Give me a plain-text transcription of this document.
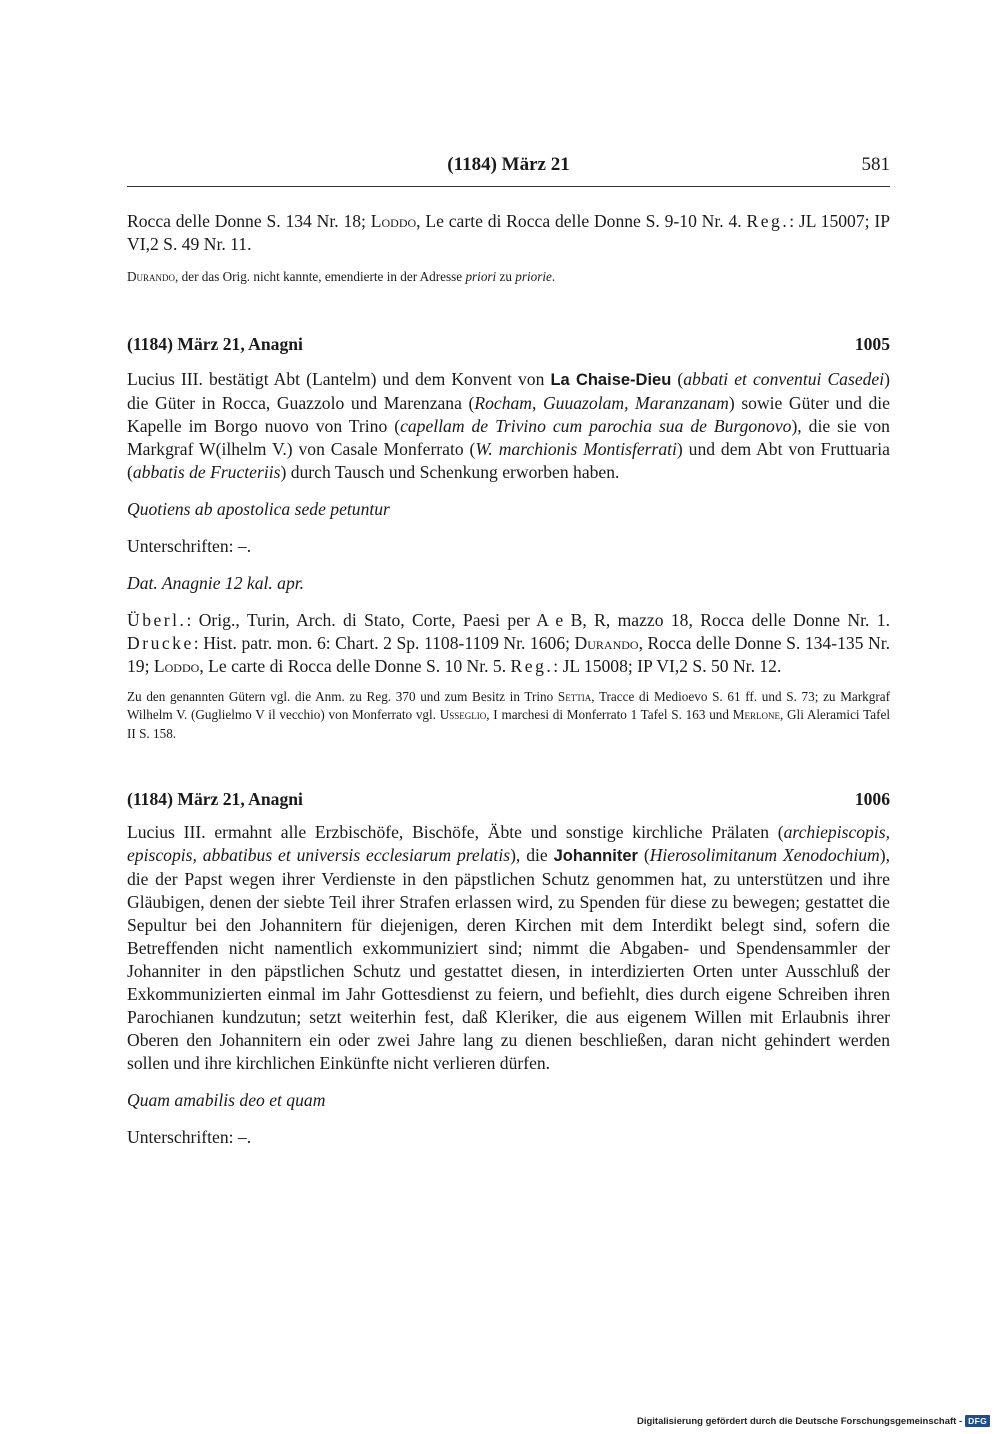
(1184) März 21	581

Rocca delle Donne S. 134 Nr. 18; Loddo, Le carte di Rocca delle Donne S. 9-10 Nr. 4. Reg.: JL 15007; IP VI,2 S. 49 Nr. 11.

Durando, der das Orig. nicht kannte, emendierte in der Adresse priori zu priorie.

(1184) März 21, Anagni	1005

Lucius III. bestätigt Abt (Lantelm) und dem Konvent von La Chaise-Dieu (abbati et conventui Casedei) die Güter in Rocca, Guazzolo und Marenzana (Rocham, Guuazolam, Maranzanam) sowie Güter und die Kapelle im Borgo nuovo von Trino (capellam de Trivino cum parochia sua de Burgonovo), die sie von Markgraf W(ilhelm V.) von Casale Monferrato (W. marchionis Montisferrati) und dem Abt von Fruttuaria (abbatis de Fructeriis) durch Tausch und Schenkung erworben haben.

Quotiens ab apostolica sede petuntur

Unterschriften: –.

Dat. Anagnie 12 kal. apr.

Überl.: Orig., Turin, Arch. di Stato, Corte, Paesi per A e B, R, mazzo 18, Rocca delle Donne Nr. 1. Drucke: Hist. patr. mon. 6: Chart. 2 Sp. 1108-1109 Nr. 1606; Durando, Rocca delle Donne S. 134-135 Nr. 19; Loddo, Le carte di Rocca delle Donne S. 10 Nr. 5. Reg.: JL 15008; IP VI,2 S. 50 Nr. 12.

Zu den genannten Gütern vgl. die Anm. zu Reg. 370 und zum Besitz in Trino Settia, Tracce di Medioevo S. 61 ff. und S. 73; zu Markgraf Wilhelm V. (Guglielmo V il vecchio) von Monferrato vgl. Usseglio, I marchesi di Monferrato 1 Tafel S. 163 und Merlone, Gli Aleramici Tafel II S. 158.

(1184) März 21, Anagni	1006

Lucius III. ermahnt alle Erzbischöfe, Bischöfe, Äbte und sonstige kirchliche Prälaten (archiepiscopis, episcopis, abbatibus et universis ecclesiarum prelatis), die Johanniter (Hierosolimitanum Xenodochium), die der Papst wegen ihrer Verdienste in den päpstlichen Schutz genommen hat, zu unterstützen und ihre Gläubigen, denen der siebte Teil ihrer Strafen erlassen wird, zu Spenden für diese zu bewegen; gestattet die Sepultur bei den Johannitern für diejenigen, deren Kirchen mit dem Interdikt belegt sind, sofern die Betreffenden nicht namentlich exkommuniziert sind; nimmt die Abgaben- und Spendensammler der Johanniter in den päpstlichen Schutz und gestattet diesen, in interdizierten Orten unter Ausschluß der Exkommunizierten einmal im Jahr Gottesdienst zu feiern, und befiehlt, dies durch eigene Schreiben ihren Parochianen kundzutun; setzt weiterhin fest, daß Kleriker, die aus eigenem Willen mit Erlaubnis ihrer Oberen den Johannitern ein oder zwei Jahre lang zu dienen beschließen, daran nicht gehindert werden sollen und ihre kirchlichen Einkünfte nicht verlieren dürfen.

Quam amabilis deo et quam

Unterschriften: –.

Digitalisierung gefördert durch die Deutsche Forschungsgemeinschaft - DFG
